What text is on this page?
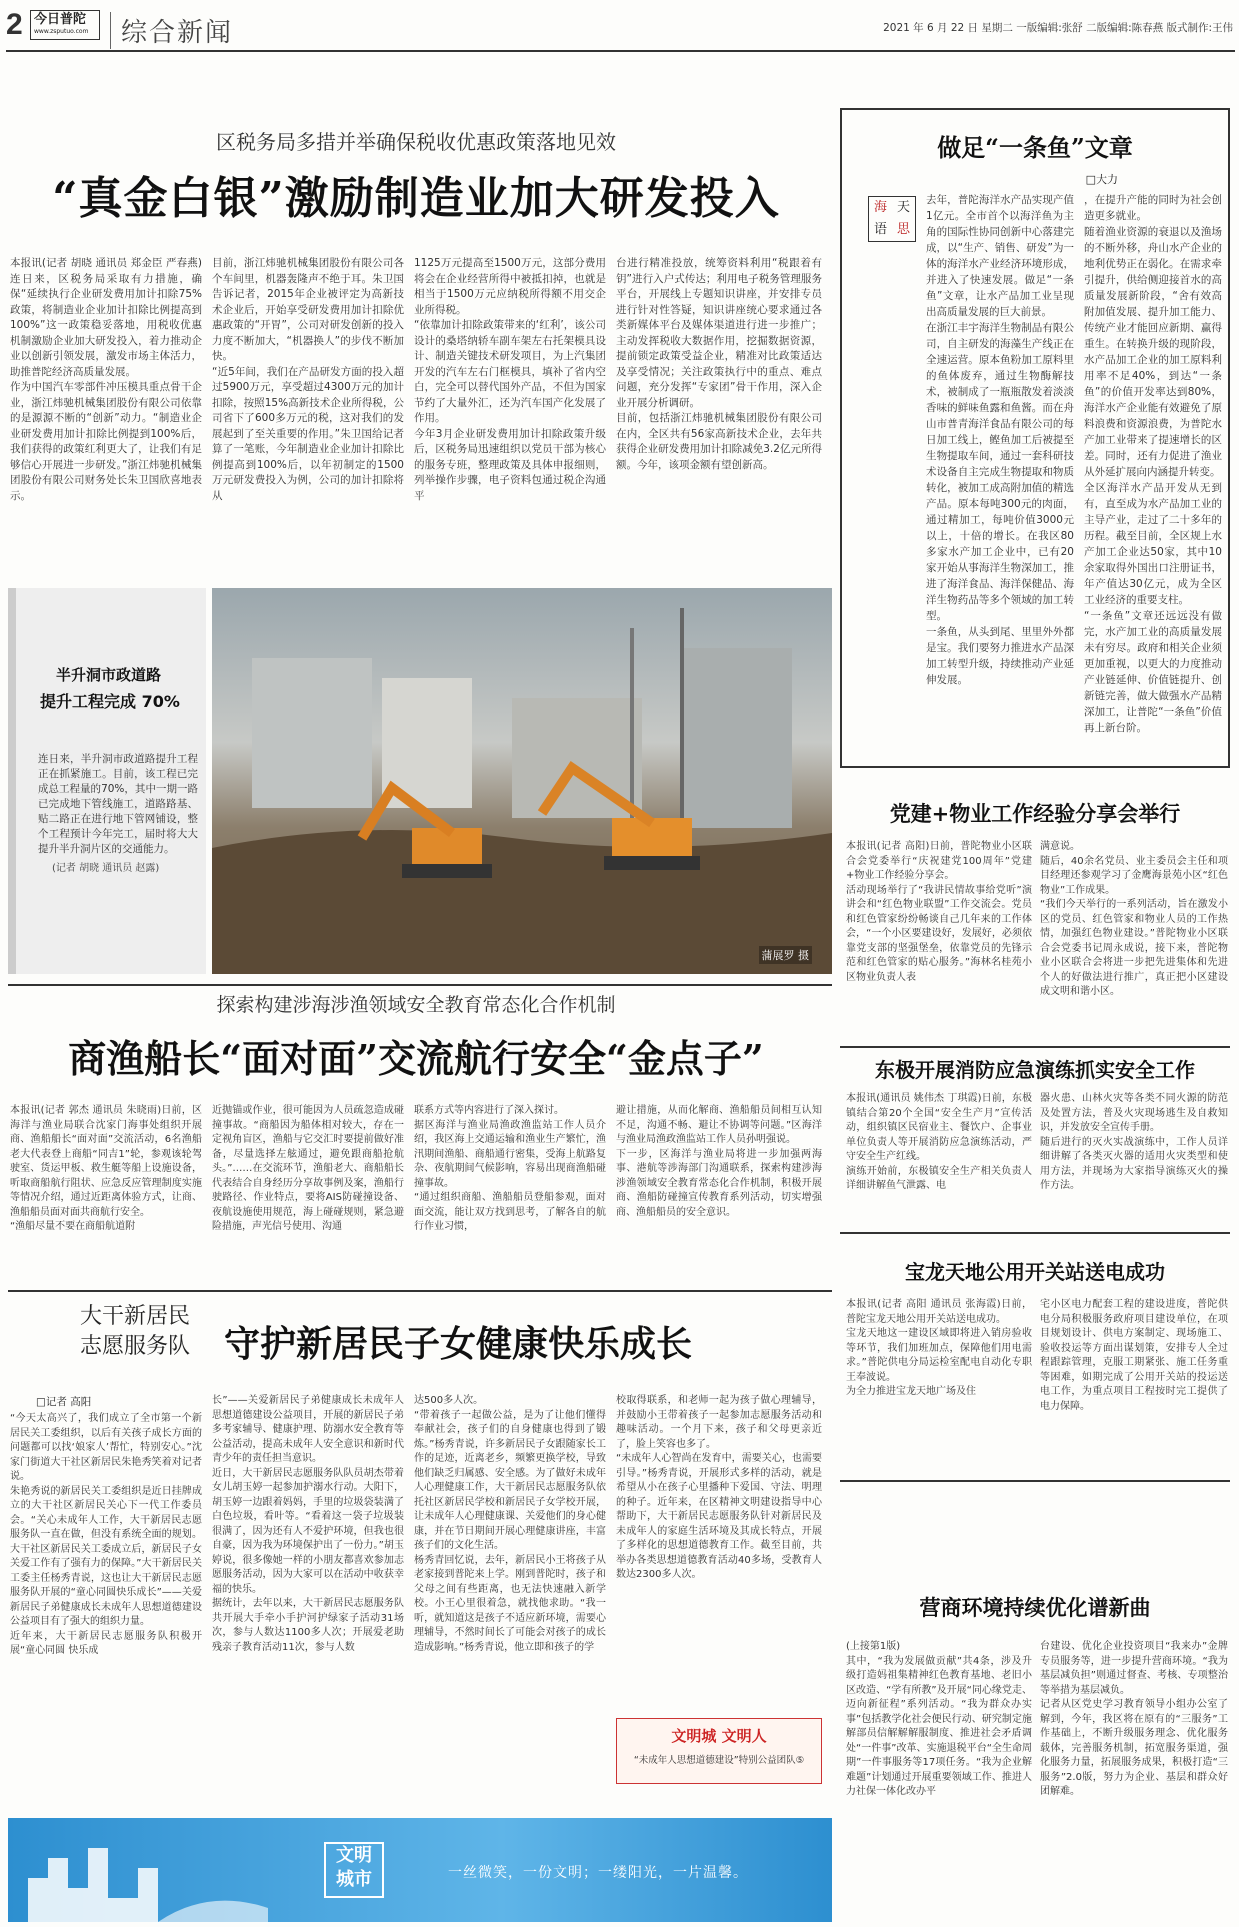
2 今日普陀
www.zsputuo.com	综合新闻	2021 年 6 月 22 日 星期二 一版编辑:张舒 二版编辑:陈春燕 版式制作:王伟
区税务局多措并举确保税收优惠政策落地见效
“真金白银”激励制造业加大研发投入
本报讯(记者 胡晓 通讯员 郑金臣 严春燕)连日来，区税务局采取有力措施，确保“延续执行企业研发费用加计扣除75%政策，将制造业企业加计扣除比例提高到100%”这一政策稳妥落地，用税收优惠机制激励企业加大研发投入，着力推动企业以创新引领发展，激发市场主体活力，助推普陀经济高质量发展。
作为中国汽车零部件冲压模具重点骨干企业，浙江炜驰机械集团股份有限公司依靠的是源源不断的“创新”动力。“制造业企业研发费用加计扣除比例提到100%后，我们获得的政策红利更大了，让我们有足够信心开展进一步研发。”浙江炜驰机械集团股份有限公司财务处长朱卫国欣喜地表示。
目前，浙江炜驰机械集团股份有限公司各个车间里，机器轰隆声不绝于耳。朱卫国告诉记者，2015年企业被评定为高新技术企业后，开始享受研发费用加计扣除优惠政策的“开胃”，公司对研发创新的投入力度不断加大，“机器换人”的步伐不断加快。
“近5年间，我们在产品研发方面的投入超过5900万元，享受超过4300万元的加计扣除，按照15%高新技术企业所得税，公司省下了600多万元的税，这对我们的发展起到了至关重要的作用。”朱卫国给记者算了一笔账，今年制造业企业加计扣除比例提高到100%后，以年初制定的1500万元研发费投入为例，公司的加计扣除将从
1125万元提高至1500万元，这部分费用将会在企业经营所得中被抵扣掉，也就是相当于1500万元应纳税所得额不用交企业所得税。
“依靠加计扣除政策带来的‘红利’，该公司设计的桑塔纳轿车副车架左右托架模具设计、制造关键技术研发项目，为上汽集团开发的汽车左右门框模具，填补了省内空白，完全可以替代国外产品，不但为国家节约了大量外汇，还为汽车国产化发展了作用。
今年3月企业研发费用加计扣除政策升级后，区税务局迅速组织以党员干部为核心的服务专班，整理政策及具体申报细则，列举操作步骤，电子资料包通过税企沟通平
台进行精准投放，统筹资料利用“税跟着有钥”进行入户式传达；利用电子税务管理服务平台，开展线上专题知识讲座，并安排专员进行针对性答疑，知识讲座统心要求通过各类新媒体平台及媒体渠道进行进一步推广；主动发挥税收大数据作用，挖掘数据资源，提前锁定政策受益企业，精准对比政策适达及享受情况；关注政策执行中的重点、难点问题，充分发挥“专家团”骨干作用，深入企业开展分析调研。
目前，包括浙江炜驰机械集团股份有限公司在内，全区共有56家高新技术企业，去年共获得企业研发费用加计扣除减免3.2亿元所得额。今年，该项金额有望创新高。
半升洞市政道路
提升工程完成 70%
连日来，半升洞市政道路提升工程正在抓紧施工。目前，该工程已完成总工程量的70%，其中一期一路已完成地下管线施工，道路路基、贴二路正在进行地下管网铺设，整个工程预计今年完工，届时将大大提升半升洞片区的交通能力。
(记者 胡晓 通讯员 赵露)
蒲展罗 摄
做足“一条鱼”文章
□大力
海 天
语 思
去年，普陀海洋水产品实现产值1亿元。全市首个以海洋鱼为主角的国际性协同创新中心落建完成，以“生产、销售、研发”为一体的海洋水产业经济环境形成，并进入了快速发展。做足“一条鱼”文章，让水产品加工业呈现出高质量发展的巨大前景。
在浙江丰宇海洋生物制品有限公司，自主研发的海藻生产线正在全速运营。原本鱼粉加工原料里的鱼体废弃，通过生物酶解技术，被制成了一瓶瓶散发着淡淡香味的鲜味鱼露和鱼酱。而在舟山市普青海洋食品有限公司的每日加工线上，鲣鱼加工后被提至生物提取车间，通过一套科研技术设备自主完成生物提取和物质转化，被加工成高附加值的精选产品。原本每吨300元的肉面，通过精加工，每吨价值3000元以上，十倍的增长。在我区80多家水产加工企业中，已有20家开始从事海洋生物深加工，推进了海洋食品、海洋保健品、海洋生物药品等多个领域的加工转型。
一条鱼，从头到尾、里里外外都是宝。我们要努力推进水产品深加工转型升级，持续推动产业延伸发展。
，在提升产能的同时为社会创造更多就业。
随着渔业资源的衰退以及渔场的不断外移，舟山水产企业的地利优势正在弱化。在需求牵引提升，供给侧迎接首水的高质量发展新阶段，“舍有效高附加值发展、提升加工能力、传统产业才能回应新期、赢得重生。在转换升级的现阶段，水产品加工企业的加工原料利用率不足40%，到达“一条鱼”的价值开发率达到80%，海洋水产企业能有效避免了原料浪费和资源浪费，为普陀水产加工业带来了提速增长的区差。同时，还有力促进了渔业从外延扩展向内涵提升转变。
全区海洋水产品开发从无到有，直至成为水产品加工业的主导产业，走过了二十多年的历程。截至目前，全区规上水产加工企业达50家，其中10余家取得外国出口注册证书，年产值达30亿元，成为全区工业经济的重要支柱。
“一条鱼”文章还远远没有做完，水产加工业的高质量发展未有穷尽。政府和相关企业须更加重视，以更大的力度推动产业链延伸、价值链提升、创新链完善，做大做强水产品精深加工，让普陀“一条鱼”价值再上新台阶。
党建+物业工作经验分享会举行
本报讯(记者 高阳)日前，普陀物业小区联合会党委举行“庆祝建党100周年”党建+物业工作经验分享会。
活动现场举行了“我讲民情故事给党听”演讲会和“红色物业联盟”工作交流会。党员和红色管家纷纷畅谈自己几年来的工作体会，“一个小区要建设好，发展好，必须依靠党支部的坚强堡垒，依靠党员的先锋示范和红色管家的贴心服务。”海林名桂苑小区物业负责人表
满意说。
随后，40余名党员、业主委员会主任和项目经理还参观学习了金鹰海景苑小区“红色物业”工作成果。
“我们今天举行的一系列活动，旨在激发小区的党员、红色管家和物业人员的工作热情，加强红色物业建设。”普陀物业小区联合会党委书记周永成说，接下来，普陀物业小区联合会将进一步把先进集体和先进个人的好做法进行推广，真正把小区建设成文明和谐小区。
东极开展消防应急演练抓实安全工作
本报讯(通讯员 姚伟杰 丁琪霞)日前，东极镇结合第20个全国“安全生产月”宣传活动，组织镇区民宿业主、餐饮户、企事业单位负责人等开展消防应急演练活动，严守安全生产红线。
演练开始前，东极镇安全生产相关负责人详细讲解鱼气泄露、电
器火患、山林火灾等各类不同火源的防范及处置方法，普及火灾现场逃生及自救知识，并发放安全宣传手册。
随后进行的灭火实战演练中，工作人员详细讲解了各类灭火器的适用火灾类型和使用方法，并现场为大家指导演练灭火的操作方法。
宝龙天地公用开关站送电成功
本报讯(记者 高阳 通讯员 张海霞)日前，普陀宝龙天地公用开关站送电成功。
宝龙天地这一建设区域即将进入销房验收等环节，我们加班加点，保障他们用电需求。”普陀供电分局运检室配电自动化专职王奉波说。
为全力推进宝龙天地广场及住
宅小区电力配套工程的建设进度，普陀供电分局积极服务政府项目建设单位，在项目规划设计、供电方案制定、现场施工、验收投运等方面出谋划策，安排专人全过程跟踪管理，克服工期紧张、施工任务重等困难，如期完成了公用开关站的投运送电工作，为重点项目工程按时完工提供了电力保障。
营商环境持续优化谱新曲
(上接第1版)
其中，“我为发展做贡献”共4条，涉及升级打造妈祖集精神红色教育基地、老旧小区改造、“学有所教”及开展“同心缘党走、迈向新征程”系列活动。“我为群众办实事”包括教学化社会便民行动、研究制定施解部员信解解解服制度、推进社会矛盾调处“一件事”改革、实施退税平台“全生命周期”一件事服务等17项任务。“我为企业解难题”计划通过开展重要领域工作、推进人力社保一体化改办平
台建设、优化企业投资项目“我来办”金牌专员服务等，进一步提升营商环境。“我为基层减负担”则通过督查、考核、专项整治等举措为基层减负。
记者从区党史学习教育领导小组办公室了解到，今年，我区将在原有的“三服务”工作基础上，不断升级服务理念、优化服务载体，完善服务机制，拓宽服务渠道，强化服务力量，拓展服务成果，积极打造“三服务”2.0版，努力为企业、基层和群众好团解难。
探索构建涉海涉渔领域安全教育常态化合作机制
商渔船长“面对面”交流航行安全“金点子”
本报讯(记者 郭杰 通讯员 朱晓雨)日前，区海洋与渔业局联合沈家门海事处组织开展商、渔船船长“面对面”交流活动，6名渔船老大代表登上商船“同吉1”轮，参观该轮驾驶室、货运甲板、救生艇等船上设施设备，听取商船航行阻状、应急反应管理制度实施等情况介绍，通过近距离体验方式，让商、渔船船员面对面共商航行安全。
“渔船尽量不要在商船航道附
近抛锚或作业，很可能因为人员疏忽造成碰撞事故。“商船因为船体相对较大，存在一定视角盲区，渔船与它交汇时要提前做好准备，尽量选择左舷通过，避免跟商船抢航头。”……在交流环节，渔船老大、商船船长代表结合自身经历分享故事例及案，渔船行驶路径、作业特点，要将AIS防碰撞设备、夜航设施使用规范，海上碰碰规则，紧急避险措施，声光信号使用、沟通
联系方式等内容进行了深入探讨。
据区海洋与渔业局渔政渔监站工作人员介绍，我区海上交通运输和渔业生产繁忙，渔汛期间渔船、商船通行密集，受海上航路复杂、夜航期间气候影响，容易出现商渔船碰撞事故。
“通过组织商船、渔船船员登船参观，面对面交流，能让双方找到思考，了解各自的航行作业习惯，
避让措施，从而化解商、渔船船员间相互认知不足，沟通不畅、避让不协调等问题。”区海洋与渔业局渔政渔监站工作人员孙明强说。
下一步，区海洋与渔业局将进一步加强两海事、港航等涉海部门沟通联系，探索构建涉海涉渔领域安全教育常态化合作机制，积极开展商、渔船防碰撞宣传教育系列活动，切实增强商、渔船船员的安全意识。
大干新居民
志愿服务队 守护新居民子女健康快乐成长
□记者 高阳
“今天太高兴了，我们成立了全市第一个新居民关工委组织，以后有关孩子成长方面的问题都可以找‘娘家人’帮忙，特别安心。”沈家门街道大干社区新居民朱艳秀笑着对记者说。
朱艳秀说的新居民关工委组织是近日挂牌成立的大干社区新居民关心下一代工作委员会。“关心未成年人工作，大干新居民志愿服务队一直在做，但没有系统全面的规划。大干社区新居民关工委成立后，新居民子女关爱工作有了强有力的保障。”大干新居民关工委主任杨秀青说，这也让大干新居民志愿服务队开展的“童心同圆快乐成长”——关爱新居民子弟健康成长未成年人思想道德建设公益项目有了强大的组织力量。
近年来，大干新居民志愿服务队积极开展“童心同圆 快乐成
长”——关爱新居民子弟健康成长未成年人思想道德建设公益项目，开展的新居民子弟多考家辅导、健康护理、防溺水安全教育等公益活动，提高未成年人安全意识和新时代青少年的责任担当意识。
近日，大干新居民志愿服务队队员胡杰带着女儿胡玉婷一起参加护溺水行动。大阳下，胡玉婷一边跟着妈妈，手里的垃圾袋装满了白色垃圾，看叶等。“看着这一袋子垃圾装很满了，因为还有人不爱护环境，但我也很自豪，因为我为环境保护出了一份力。”胡玉婷说，很多像她一样的小朋友都喜欢参加志愿服务活动，因为大家可以在活动中收获幸福的快乐。
据统计，去年以来，大干新居民志愿服务队共开展大手牵小手护河护绿家子活动31场次，参与人数达1100多人次；开展爱老助残亲子教育活动11次，参与人数
达500多人次。
“带着孩子一起做公益，是为了让他们懂得奉献社会，孩子们的自身健康也得到了锻炼。”杨秀青说，许多新居民子女跟随家长工作的足迹，近离老乡，频繁更换学校，导致他们缺乏归属感、安全感。为了做好未成年人心理健康工作，大干新居民志愿服务队依托社区新居民学校和新居民子女学校开展，让未成年人心理健康课、关爱他们的身心健康，并在节日期间开展心理健康讲座，丰富孩子们的文化生活。
杨秀青回忆说，去年，新居民小王将孩子从老家接到普陀来上学。刚到普陀时，孩子和父母之间有些距离，也无法快速融入新学校。小王心里很着急，就找他求助。“我一听，就知道这是孩子不适应新环境，需要心理辅导，不然时间长了可能会对孩子的成长造成影响。”杨秀青说，他立即和孩子的学
校取得联系，和老师一起为孩子做心理辅导，并鼓励小王带着孩子一起参加志愿服务活动和趣味活动。一个月下来，孩子和父母更亲近了，脸上笑容也多了。
“未成年人心智尚在发育中，需要关心，也需要引导。”杨秀青说，开展形式多样的活动，就是希望从小在孩子心里播种下爱国、守法、明理的种子。近年来，在区精神文明建设指导中心帮助下，大干新居民志愿服务队针对新居民及未成年人的家庭生活环境及其成长特点，开展了多样化的思想道德教育工作。截至目前，共举办各类思想道德教育活动40多场，受教育人数达2300多人次。
文明城 文明人
“未成年人思想道德建设”特别公益团队⑤
文明
城市	一丝微笑，一份文明；一缕阳光，一片温馨。
